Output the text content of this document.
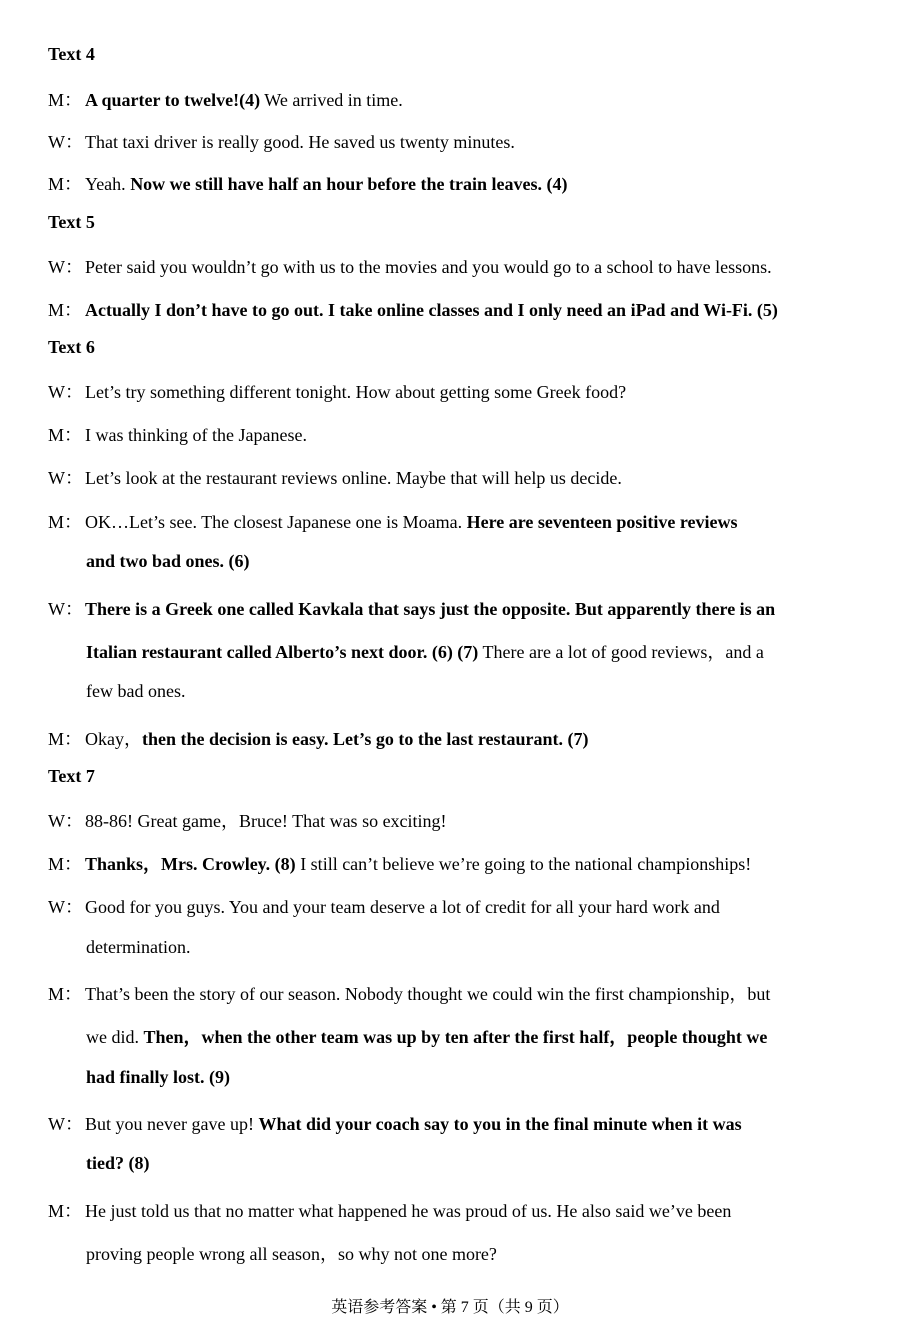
Text 4
M： A quarter to twelve!(4) We arrived in time.
W： That taxi driver is really good. He saved us twenty minutes.
M： Yeah. Now we still have half an hour before the train leaves. (4)
Text 5
W： Peter said you wouldn’t go with us to the movies and you would go to a school to have lessons.
M： Actually I don’t have to go out. I take online classes and I only need an iPad and Wi-Fi. (5)
Text 6
W： Let’s try something different tonight. How about getting some Greek food?
M： I was thinking of the Japanese.
W： Let’s look at the restaurant reviews online. Maybe that will help us decide.
M： OK…Let’s see. The closest Japanese one is Moama. Here are seventeen positive reviews
and two bad ones. (6)
W： There is a Greek one called Kavkala that says just the opposite. But apparently there is an
Italian restaurant called Alberto’s next door. (6) (7) There are a lot of good reviews，and a
few bad ones.
M： Okay，then the decision is easy. Let’s go to the last restaurant. (7)
Text 7
W： 88-86! Great game，Bruce! That was so exciting!
M： Thanks，Mrs. Crowley. (8) I still can’t believe we’re going to the national championships!
W： Good for you guys. You and your team deserve a lot of credit for all your hard work and
determination.
M： That’s been the story of our season. Nobody thought we could win the first championship，but
we did. Then，when the other team was up by ten after the first half，people thought we
had finally lost. (9)
W： But you never gave up! What did your coach say to you in the final minute when it was
tied? (8)
M： He just told us that no matter what happened he was proud of us. He also said we’ve been
proving people wrong all season，so why not one more?
英语参考答案 • 第 7 页（共 9 页）
